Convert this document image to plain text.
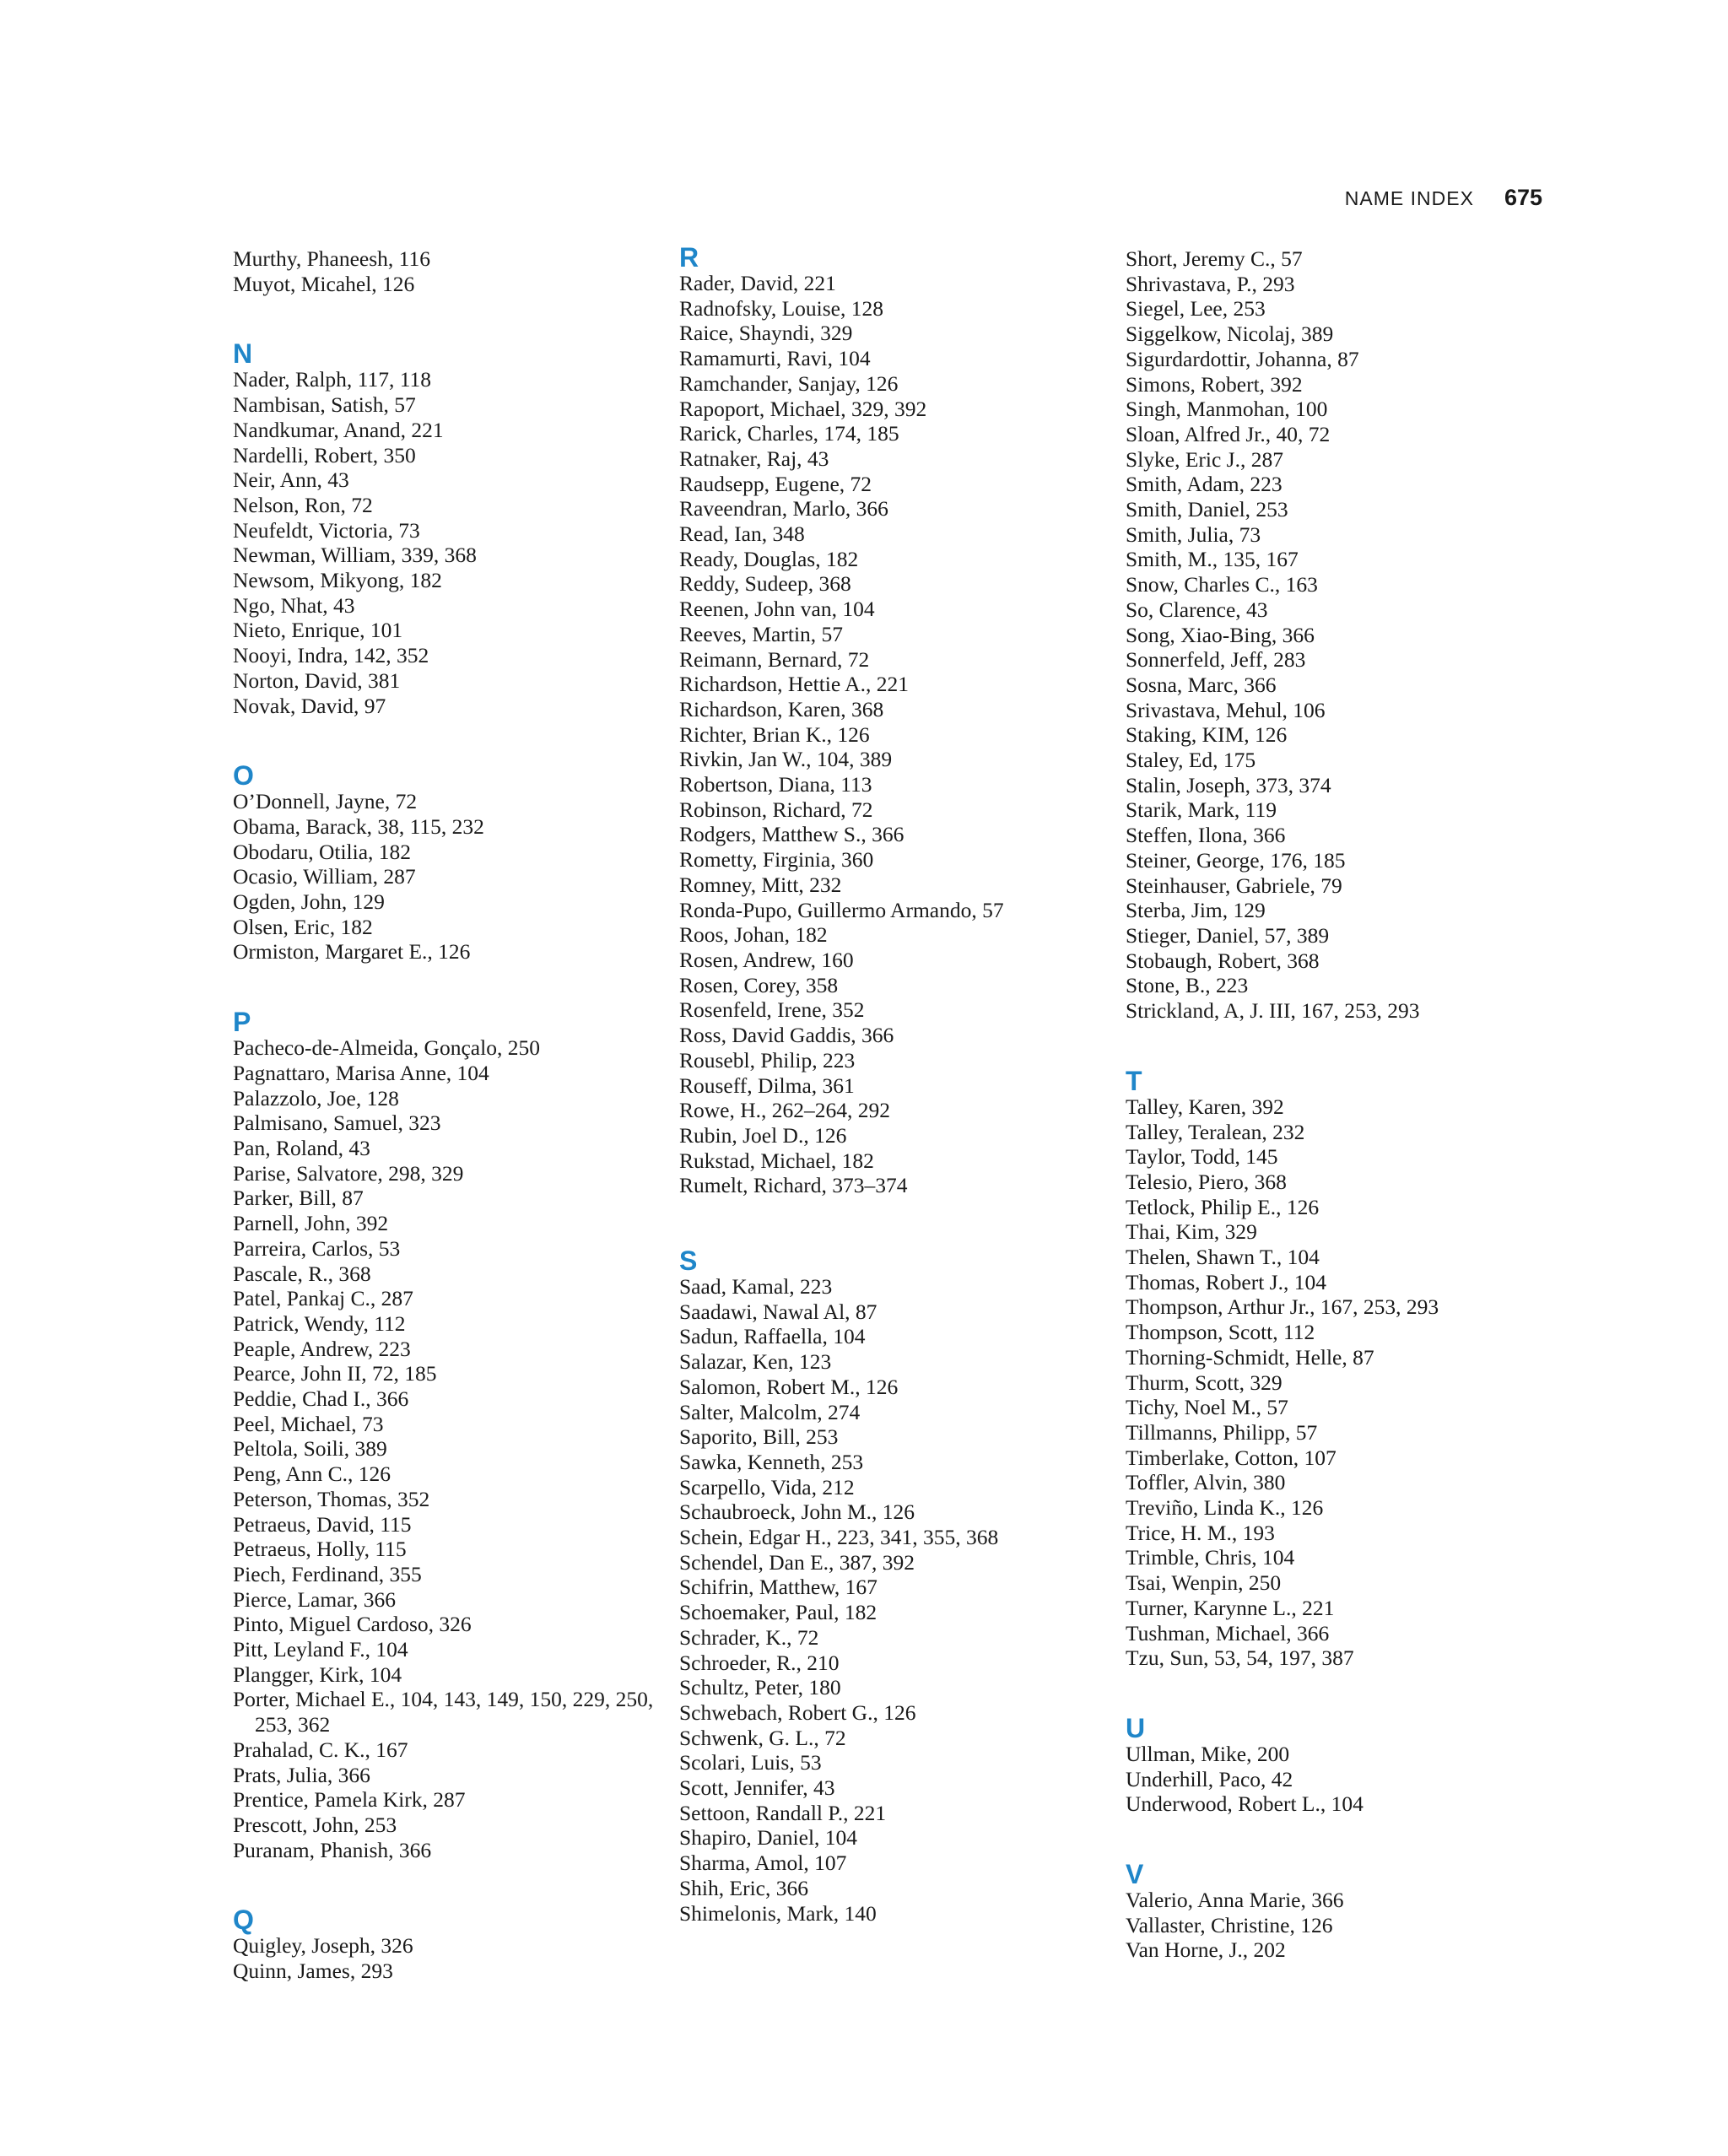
NAME INDEX 675
Murthy, Phaneesh, 116
Muyot, Micahel, 126
N
Nader, Ralph, 117, 118
Nambisan, Satish, 57
Nandkumar, Anand, 221
Nardelli, Robert, 350
Neir, Ann, 43
Nelson, Ron, 72
Neufeldt, Victoria, 73
Newman, William, 339, 368
Newsom, Mikyong, 182
Ngo, Nhat, 43
Nieto, Enrique, 101
Nooyi, Indra, 142, 352
Norton, David, 381
Novak, David, 97
O
O’Donnell, Jayne, 72
Obama, Barack, 38, 115, 232
Obodaru, Otilia, 182
Ocasio, William, 287
Ogden, John, 129
Olsen, Eric, 182
Ormiston, Margaret E., 126
P
Pacheco-de-Almeida, Gonçalo, 250
Pagnattaro, Marisa Anne, 104
Palazzolo, Joe, 128
Palmisano, Samuel, 323
Pan, Roland, 43
Parise, Salvatore, 298, 329
Parker, Bill, 87
Parnell, John, 392
Parreira, Carlos, 53
Pascale, R., 368
Patel, Pankaj C., 287
Patrick, Wendy, 112
Peaple, Andrew, 223
Pearce, John II, 72, 185
Peddie, Chad I., 366
Peel, Michael, 73
Peltola, Soili, 389
Peng, Ann C., 126
Peterson, Thomas, 352
Petraeus, David, 115
Petraeus, Holly, 115
Piech, Ferdinand, 355
Pierce, Lamar, 366
Pinto, Miguel Cardoso, 326
Pitt, Leyland F., 104
Plangger, Kirk, 104
Porter, Michael E., 104, 143, 149, 150, 229, 250, 253, 362
Prahalad, C. K., 167
Prats, Julia, 366
Prentice, Pamela Kirk, 287
Prescott, John, 253
Puranam, Phanish, 366
Q
Quigley, Joseph, 326
Quinn, James, 293
R
Rader, David, 221
Radnofsky, Louise, 128
Raice, Shayndi, 329
Ramamurti, Ravi, 104
Ramchander, Sanjay, 126
Rapoport, Michael, 329, 392
Rarick, Charles, 174, 185
Ratnaker, Raj, 43
Raudsepp, Eugene, 72
Raveendran, Marlo, 366
Read, Ian, 348
Ready, Douglas, 182
Reddy, Sudeep, 368
Reenen, John van, 104
Reeves, Martin, 57
Reimann, Bernard, 72
Richardson, Hettie A., 221
Richardson, Karen, 368
Richter, Brian K., 126
Rivkin, Jan W., 104, 389
Robertson, Diana, 113
Robinson, Richard, 72
Rodgers, Matthew S., 366
Rometty, Firginia, 360
Romney, Mitt, 232
Ronda-Pupo, Guillermo Armando, 57
Roos, Johan, 182
Rosen, Andrew, 160
Rosen, Corey, 358
Rosenfeld, Irene, 352
Ross, David Gaddis, 366
Rousebl, Philip, 223
Rouseff, Dilma, 361
Rowe, H., 262–264, 292
Rubin, Joel D., 126
Rukstad, Michael, 182
Rumelt, Richard, 373–374
S
Saad, Kamal, 223
Saadawi, Nawal Al, 87
Sadun, Raffaella, 104
Salazar, Ken, 123
Salomon, Robert M., 126
Salter, Malcolm, 274
Saporito, Bill, 253
Sawka, Kenneth, 253
Scarpello, Vida, 212
Schaubroeck, John M., 126
Schein, Edgar H., 223, 341, 355, 368
Schendel, Dan E., 387, 392
Schifrin, Matthew, 167
Schoemaker, Paul, 182
Schrader, K., 72
Schroeder, R., 210
Schultz, Peter, 180
Schwebach, Robert G., 126
Schwenk, G. L., 72
Scolari, Luis, 53
Scott, Jennifer, 43
Settoon, Randall P., 221
Shapiro, Daniel, 104
Sharma, Amol, 107
Shih, Eric, 366
Shimelonis, Mark, 140
Short, Jeremy C., 57
Shrivastava, P., 293
Siegel, Lee, 253
Siggelkow, Nicolaj, 389
Sigurdardottir, Johanna, 87
Simons, Robert, 392
Singh, Manmohan, 100
Sloan, Alfred Jr., 40, 72
Slyke, Eric J., 287
Smith, Adam, 223
Smith, Daniel, 253
Smith, Julia, 73
Smith, M., 135, 167
Snow, Charles C., 163
So, Clarence, 43
Song, Xiao-Bing, 366
Sonnerfeld, Jeff, 283
Sosna, Marc, 366
Srivastava, Mehul, 106
Staking, KIM, 126
Staley, Ed, 175
Stalin, Joseph, 373, 374
Starik, Mark, 119
Steffen, Ilona, 366
Steiner, George, 176, 185
Steinhauser, Gabriele, 79
Sterba, Jim, 129
Stieger, Daniel, 57, 389
Stobaugh, Robert, 368
Stone, B., 223
Strickland, A, J. III, 167, 253, 293
T
Talley, Karen, 392
Talley, Teralean, 232
Taylor, Todd, 145
Telesio, Piero, 368
Tetlock, Philip E., 126
Thai, Kim, 329
Thelen, Shawn T., 104
Thomas, Robert J., 104
Thompson, Arthur Jr., 167, 253, 293
Thompson, Scott, 112
Thorning-Schmidt, Helle, 87
Thurm, Scott, 329
Tichy, Noel M., 57
Tillmanns, Philipp, 57
Timberlake, Cotton, 107
Toffler, Alvin, 380
Treviño, Linda K., 126
Trice, H. M., 193
Trimble, Chris, 104
Tsai, Wenpin, 250
Turner, Karynne L., 221
Tushman, Michael, 366
Tzu, Sun, 53, 54, 197, 387
U
Ullman, Mike, 200
Underhill, Paco, 42
Underwood, Robert L., 104
V
Valerio, Anna Marie, 366
Vallaster, Christine, 126
Van Horne, J., 202
